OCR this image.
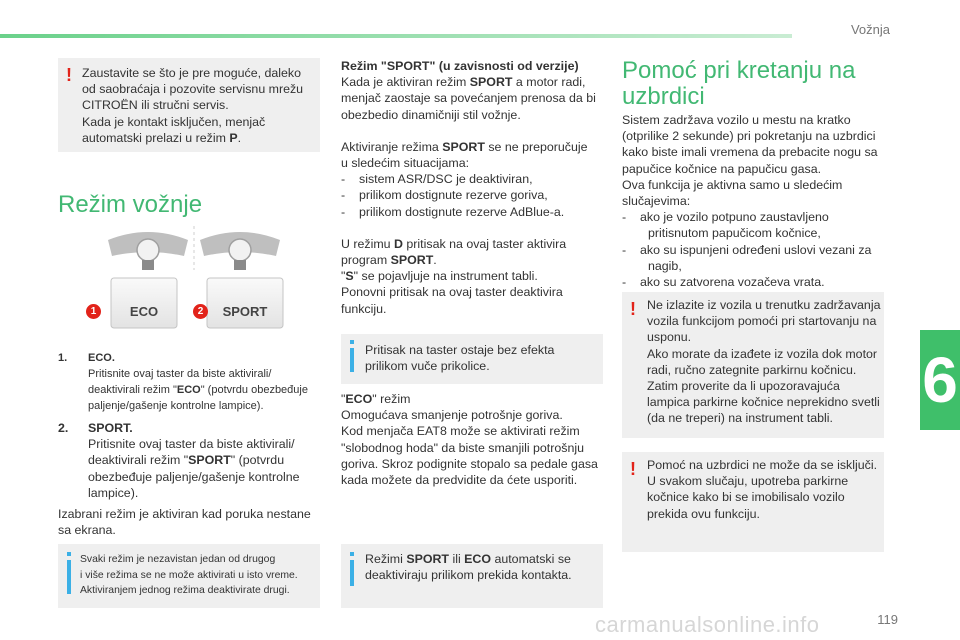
Vožnja
6
! Zaustavite se što je pre moguće, daleko
od saobraćaja i pozovite servisnu mrežu
CITROËN ili stručni servis.
Kada je kontakt isključen, menjač
automatski prelazi u režim P.
Režim vožnje
ECO	SPORT
1	2
1.	ECO.
Pritisnite ovaj taster da biste aktivirali/
deaktivirali režim "ECO" (potvrdu obezbeđuje
paljenje/gašenje kontrolne lampice).
2.	SPORT.
Pritisnite ovaj taster da biste aktivirali/
deaktivirali režim "SPORT" (potvrdu
obezbeđuje paljenje/gašenje kontrolne
lampice).
Izabrani režim je aktiviran kad poruka nestane
sa ekrana.
Svaki režim je nezavistan jedan od drugog
i više režima se ne može aktivirati u isto vreme.
Aktiviranjem jednog režima deaktivirate drugi.
Režim "SPORT" (u zavisnosti od verzije)
Kada je aktiviran režim SPORT a motor radi,
menjač zaostaje sa povećanjem prenosa da bi
obezbedio dinamičniji stil vožnje.
Aktiviranje režima SPORT se ne preporučuje
u sledećim situacijama:
-	sistem ASR/DSC je deaktiviran,
-	prilikom dostignute rezerve goriva,
-	prilikom dostignute rezerve AdBlue-a.
U režimu D pritisak na ovaj taster aktivira
program SPORT.
"S" se pojavljuje na instrument tabli.
Ponovni pritisak na ovaj taster deaktivira
funkciju.
Pritisak na taster ostaje bez efekta
prilikom vuče prikolice.
"ECO" režim
Omogućava smanjenje potrošnje goriva.
Kod menjača EAT8 može se aktivirati režim
"slobodnog hoda" da biste smanjili potrošnju
goriva. Skroz podignite stopalo sa pedale gasa
kada možete da predvidite da ćete usporiti.
Režimi SPORT ili ECO automatski se
deaktiviraju prilikom prekida kontakta.
Pomoć pri kretanju na
uzbrdici
Sistem zadržava vozilo u mestu na kratko
(otprilike 2 sekunde) pri pokretanju na uzbrdici
kako biste imali vremena da prebacite nogu sa
papučice kočnice na papučicu gasa.
Ova funkcija je aktivna samo u sledećim
slučajevima:
-	ako je vozilo potpuno zaustavljeno
pritisnutom papučicom kočnice,
-	ako su ispunjeni određeni uslovi vezani za
nagib,
-	ako su zatvorena vozačeva vrata.
! Ne izlazite iz vozila u trenutku zadržavanja
vozila funkcijom pomoći pri startovanju na
usponu.
Ako morate da izađete iz vozila dok motor
radi, ručno zategnite parkirnu kočnicu.
Zatim proverite da li upozoravajuća
lampica parkirne kočnice neprekidno svetli
(da ne treperi) na instrument tabli.
! Pomoć na uzbrdici ne može da se isključi.
U svakom slučaju, upotreba parkirne
kočnice kako bi se imobilisalo vozilo
prekida ovu funkciju.
carmanualsonline.info	119
